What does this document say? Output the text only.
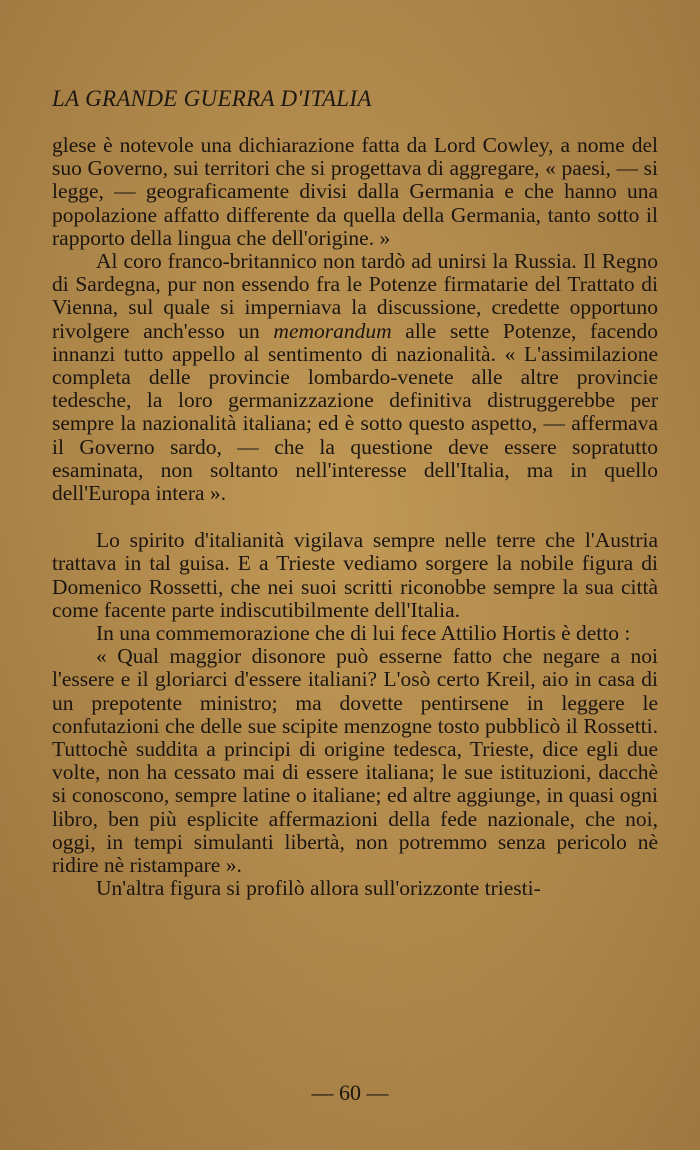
LA GRANDE GUERRA D'ITALIA

glese è notevole una dichiarazione fatta da Lord Cowley, a nome del suo Governo, sui territori che si progettava di aggregare, « paesi, — si legge, — geograficamente divisi dalla Germania e che hanno una popolazione affatto differente da quella della Germania, tanto sotto il rapporto della lingua che dell'origine. »

Al coro franco-britannico non tardò ad unirsi la Russia. Il Regno di Sardegna, pur non essendo fra le Potenze firmatarie del Trattato di Vienna, sul quale si imperniava la discussione, credette opportuno rivolgere anch'esso un memorandum alle sette Potenze, facendo innanzi tutto appello al sentimento di nazionalità. « L'assimilazione completa delle provincie lombardo-venete alle altre provincie tedesche, la loro germanizzazione definitiva distruggerebbe per sempre la nazionalità italiana; ed è sotto questo aspetto, — affermava il Governo sardo, — che la questione deve essere sopratutto esaminata, non soltanto nell'interesse dell'Italia, ma in quello dell'Europa intera ».

Lo spirito d'italianità vigilava sempre nelle terre che l'Austria trattava in tal guisa. E a Trieste vediamo sorgere la nobile figura di Domenico Rossetti, che nei suoi scritti riconobbe sempre la sua città come facente parte indiscutibilmente dell'Italia.

In una commemorazione che di lui fece Attilio Hortis è detto :

« Qual maggior disonore può esserne fatto che negare a noi l'essere e il gloriarci d'essere italiani? L'osò certo Kreil, aio in casa di un prepotente ministro; ma dovette pentirsene in leggere le confutazioni che delle sue scipite menzogne tosto pubblicò il Rossetti. Tuttochè suddita a principi di origine tedesca, Trieste, dice egli due volte, non ha cessato mai di essere italiana; le sue istituzioni, dacchè si conoscono, sempre latine o italiane; ed altre aggiunge, in quasi ogni libro, ben più esplicite affermazioni della fede nazionale, che noi, oggi, in tempi simulanti libertà, non potremmo senza pericolo nè ridire nè ristampare ».

Un'altra figura si profilò allora sull'orizzonte triesti-

— 60 —
